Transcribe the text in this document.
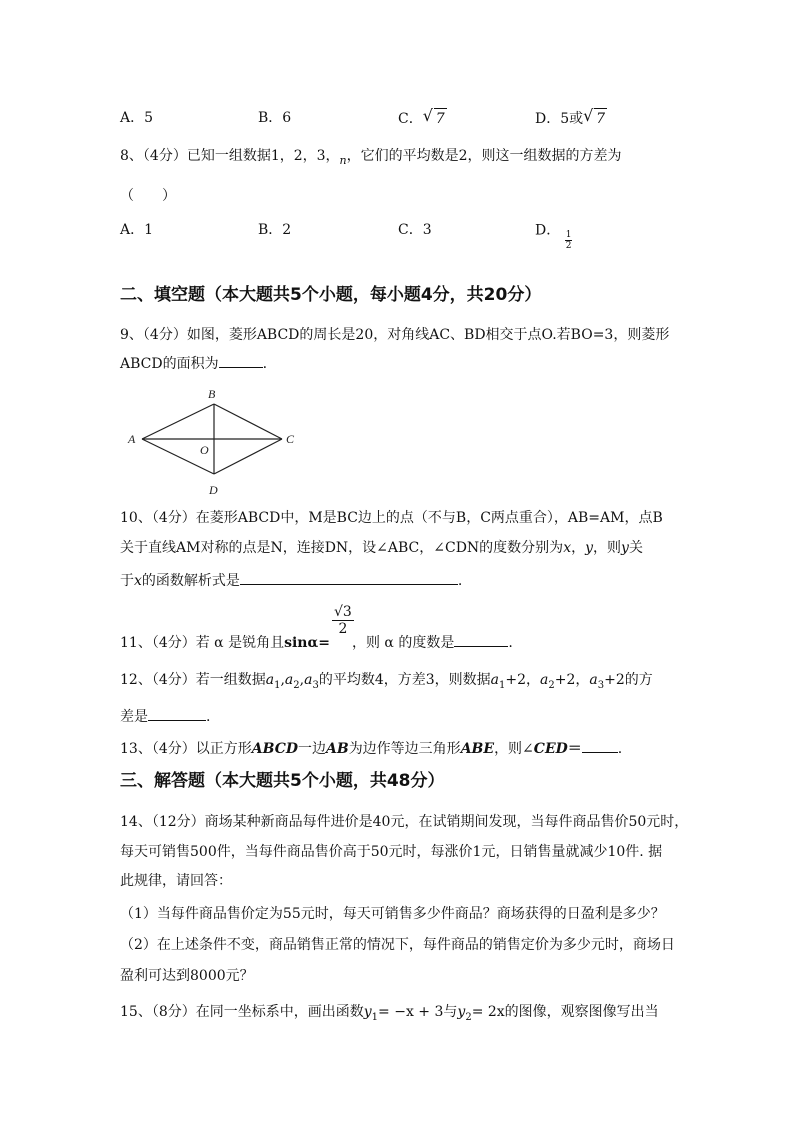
A．5	B．6	C． √ 7	D．5或 √ 7
8、（4分）已知一组数据1，2，3，$_n$，它们的平均数是2，则这一组数据的方差为
（　　）
A．1	B．2	C．3	D． $\frac{1}{2}$
二、填空题（本大题共5个小题，每小题4分，共20分）
9、（4分）如图，菱形ABCD的周长是20，对角线AC、BD相交于点O.若BO=3，则菱形
ABCD的面积为	.
A
B
C
D
O
10、（4分）在菱形ABCD中，M是BC边上的点（不与B，C两点重合），AB=AM，点B
关于直线AM对称的点是N，连接DN，设∠ABC，∠CDN的度数分别为x，y，则y关
于x的函数解析式是	.
$\frac{√3}{2}$
11、（4分）若 α 是锐角且sinα= ，则 α 的度数是	.
12、（4分）若一组数据$a_1,a_2,a_3$的平均数4，方差3，则数据$a_1+2$，$a_2+2$，$a_3+2$的方
差是	.
13、（4分）以正方形ABCD一边AB为边作等边三角形ABE，则∠CED＝	.
三、解答题（本大题共5个小题，共48分）
14、（12分）商场某种新商品每件进价是40元，在试销期间发现，当每件商品售价50元时，
每天可销售500件，当每件商品售价高于50元时，每涨价1元，日销售量就减少10件. 据
此规律，请回答：
（1）当每件商品售价定为55元时，每天可销售多少件商品？商场获得的日盈利是多少？
（2）在上述条件不变，商品销售正常的情况下，每件商品的销售定价为多少元时，商场日
盈利可达到8000元？
15、（8分）在同一坐标系中，画出函数$y_1= -x + 3$与$y_2= 2x$的图像，观察图像写出当
